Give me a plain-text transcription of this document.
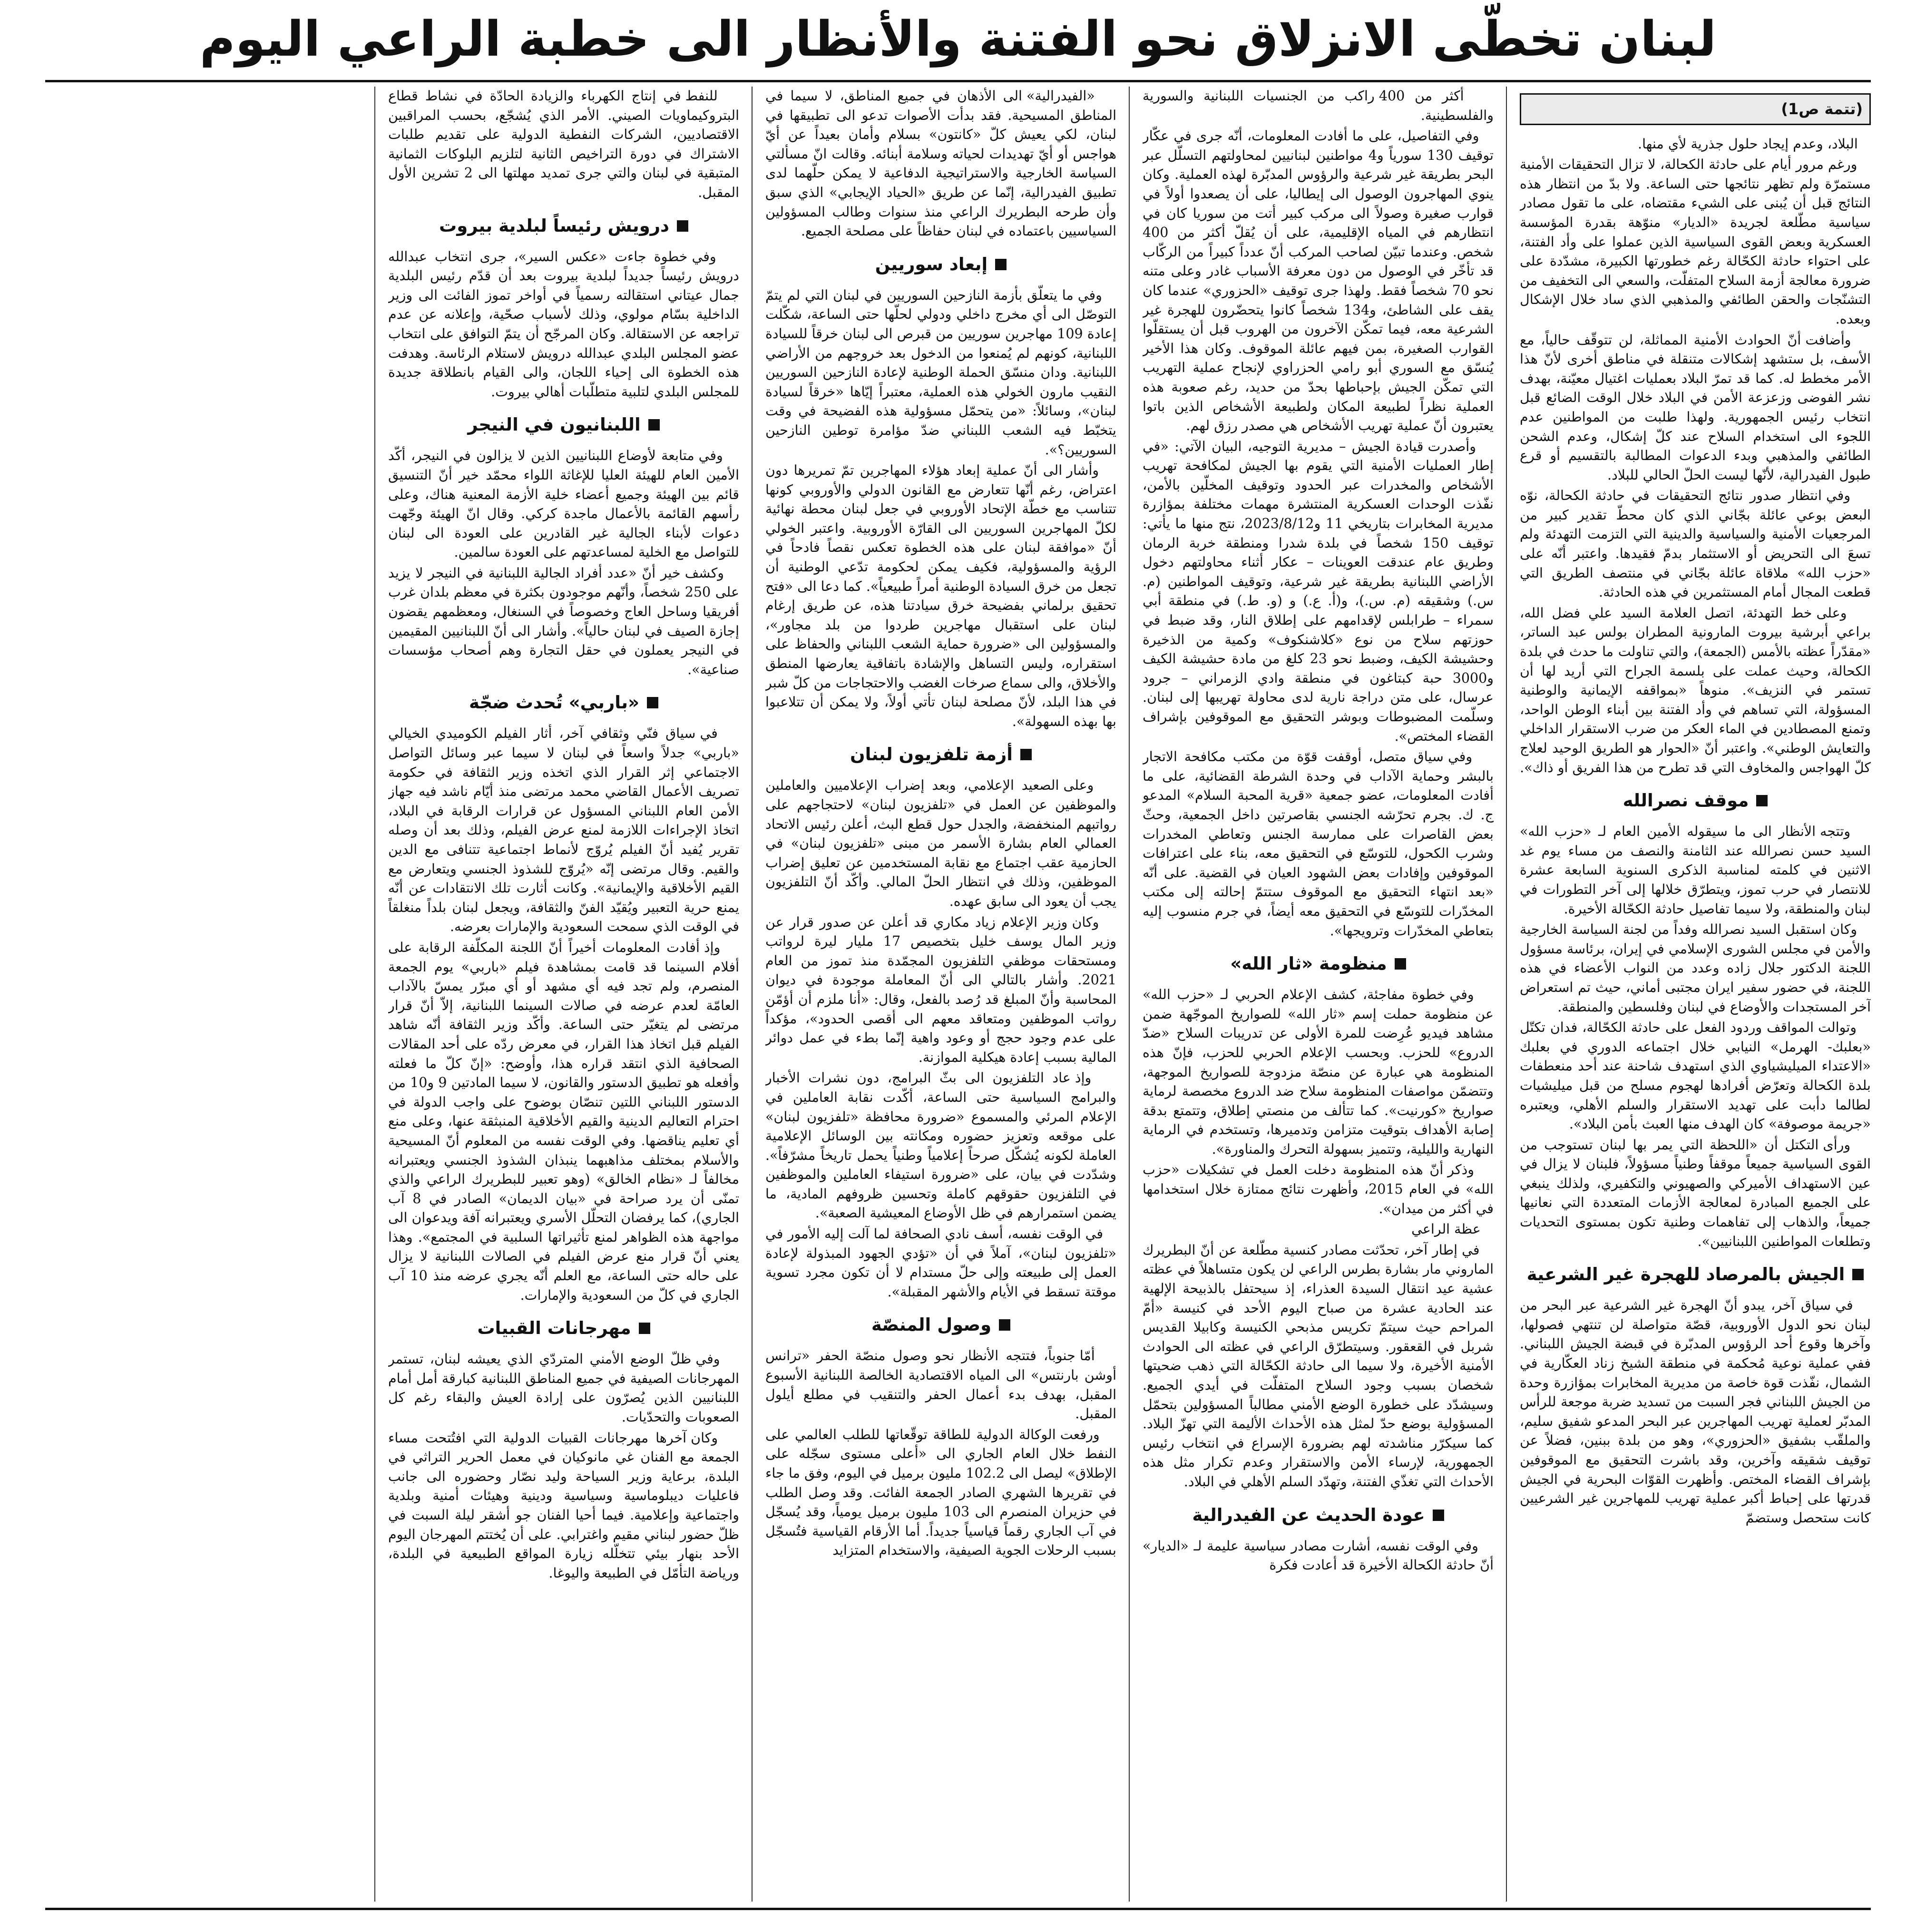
لبنان تخطّى الانزلاق نحو الفتنة والأنظار الى خطبة الراعي اليوم
(تتمة ص1)

البلاد، وعدم إيجاد حلول جذرية لأي منها.

ورغم مرور أيام على حادثة الكحالة، لا تزال التحقيقات الأمنية مستمرّة ولم تظهر نتائجها حتى الساعة. ولا بدّ من انتظار هذه النتائج قبل أن يُبنى على الشيء مقتضاه، على ما تقول مصادر سياسية مطّلعة لجريدة «الديار» منوّهة بقدرة المؤسسة العسكرية وبعض القوى السياسية الذين عملوا على وأد الفتنة، على احتواء حادثة الكحّالة رغم خطورتها الكبيرة، مشدّدة على ضرورة معالجة أزمة السلاح المتفلّت، والسعي الى التخفيف من التشنّجات والحقن الطائفي والمذهبي الذي ساد خلال الإشكال وبعده.

وأضافت أنّ الحوادث الأمنية المماثلة، لن تتوقّف حالياً، مع الأسف، بل ستشهد إشكالات متنقلة في مناطق أخرى لأنّ هذا الأمر مخطط له. كما قد تمرّ البلاد بعمليات اغتيال معيّنة، بهدف نشر الفوضى وزعزعة الأمن في البلاد خلال الوقت الضائع قبل انتخاب رئيس الجمهورية. ولهذا طلبت من المواطنين عدم اللجوء الى استخدام السلاح عند كلّ إشكال، وعدم الشحن الطائفي والمذهبي وبدء الدعوات المطالبة بالتقسيم أو قرع طبول الفيدرالية، لأنّها ليست الحلّ الحالي للبلاد.

وفي انتظار صدور نتائج التحقيقات في حادثة الكحالة، نوّه البعض بوعي عائلة بجّاني الذي كان محطّ تقدير كبير من المرجعيات الأمنية والسياسية والدينية التي التزمت التهدئة ولم تسعَ الى التحريض أو الاستثمار بدمّ فقيدها. واعتبر أنّه على «حزب الله» ملاقاة عائلة بجّاني في منتصف الطريق التي قطعت المجال أمام المستثمرين في هذه الحادثة.

وعلى خط التهدئة، اتصل العلامة السيد علي فضل الله، براعي أبرشية بيروت المارونية المطران بولس عبد الساتر، «مقدّراً عظته بالأمس (الجمعة)، والتي تناولت ما حدث في بلدة الكحالة، وحيث عملت على بلسمة الجراح التي أريد لها أن تستمر في النزيف». منوهاً «بمواقفه الإيمانية والوطنية المسؤولة، التي تساهم في وأد الفتنة بين أبناء الوطن الواحد، وتمنع المصطادين في الماء العكر من ضرب الاستقرار الداخلي والتعايش الوطني». واعتبر أنّ «الحوار هو الطريق الوحيد لعلاج كلّ الهواجس والمخاوف التي قد تطرح من هذا الفريق أو ذاك».

موقف نصرالله

وتتجه الأنظار الى ما سيقوله الأمين العام لـ «حزب الله» السيد حسن نصرالله عند الثامنة والنصف من مساء يوم غد الاثنين في كلمته لمناسبة الذكرى السنوية السابعة عشرة للانتصار في حرب تموز، ويتطرّق خلالها إلى آخر التطورات في لبنان والمنطقة، ولا سيما تفاصيل حادثة الكحّالة الأخيرة.

وكان استقبل السيد نصرالله وفداً من لجنة السياسة الخارجية والأمن في مجلس الشورى الإسلامي في إيران، برئاسة مسؤول اللجنة الدكتور جلال زاده وعدد من النواب الأعضاء في هذه اللجنة، في حضور سفير ايران مجتبى أماني، حيث تم استعراض آخر المستجدات والأوضاع في لبنان وفلسطين والمنطقة.

وتوالت المواقف وردود الفعل على حادثة الكحّالة، فدان تكتّل «بعلبك- الهرمل» النيابي خلال اجتماعه الدوري في بعلبك «الاعتداء الميليشياوي الذي استهدف شاحنة عند أحد منعطفات بلدة الكحالة وتعرّض أفرادها لهجوم مسلح من قبل ميليشيات لطالما دأبت على تهديد الاستقرار والسلم الأهلي، ويعتبره «جريمة موصوفة» كان الهدف منها العبث بأمن البلاد».

ورأى التكتل أن «اللحظة التي يمر بها لبنان تستوجب من القوى السياسية جميعاً موقفاً وطنياً مسؤولاً، فلبنان لا يزال في عين الاستهداف الأميركي والصهيوني والتكفيري، ولذلك ينبغي على الجميع المبادرة لمعالجة الأزمات المتعددة التي نعانيها جميعاً، والذهاب إلى تفاهمات وطنية تكون بمستوى التحديات وتطلعات المواطنين اللبنانيين».

الجيش بالمرصاد للهجرة غير الشرعية

في سياق آخر، يبدو أنّ الهجرة غير الشرعية عبر البحر من لبنان نحو الدول الأوروبية، قصّة متواصلة لن تنتهي فصولها، وآخرها وقوع أحد الرؤوس المدبّرة في قبضة الجيش اللبناني. ففي عملية نوعية مُحكمة في منطقة الشيخ زناد العكّارية في الشمال، نفّذت قوة خاصة من مديرية المخابرات بمؤازرة وحدة من الجيش اللبناني فجر السبت من تسديد ضربة موجعة للرأس المدبّر لعملية تهريب المهاجرين عبر البحر المدعو شفيق سليم، والملقّب بشفيق «الحزوري»، وهو من بلدة ببنين، فضلاً عن توقيف شقيقه وآخرين، وقد باشرت التحقيق مع الموقوفين بإشراف القضاء المختص. وأظهرت القوّات البحرية في الجيش قدرتها على إحباط أكبر عملية تهريب للمهاجرين غير الشرعيين كانت ستحصل وستضمّ

أكثر من 400 راكب من الجنسيات اللبنانية والسورية والفلسطينية.

وفي التفاصيل، على ما أفادت المعلومات، أنّه جرى في عكّار توقيف 130 سورياً و4 مواطنين لبنانيين لمحاولتهم التسلّل عبر البحر بطريقة غير شرعية والرؤوس المدبّرة لهذه العملية. وكان ينوي المهاجرون الوصول الى إيطاليا، على أن يصعدوا أولاً في قوارب صغيرة وصولاً الى مركب كبير أتت من سوريا كان في انتظارهم في المياه الإقليمية، على أن يُقلّ أكثر من 400 شخص. وعندما تبيّن لصاحب المركب أنّ عدداً كبيراً من الركّاب قد تأخّر في الوصول من دون معرفة الأسباب غادر وعلى متنه نحو 70 شخصاً فقط. ولهذا جرى توقيف «الحزوري» عندما كان يقف على الشاطئ، و134 شخصاً كانوا يتحضّرون للهجرة غير الشرعية معه، فيما تمكّن الآخرون من الهروب قبل أن يستقلّوا القوارب الصغيرة، بمن فيهم عائلة الموقوف. وكان هذا الأخير يُنسّق مع السوري أبو رامي الحزراوي لإنجاح عملية التهريب التي تمكّن الجيش بإحباطها بحدّ من حديد، رغم صعوبة هذه العملية نظراً لطبيعة المكان ولطبيعة الأشخاص الذين باتوا يعتبرون أنّ عملية تهريب الأشخاص هي مصدر رزق لهم.

وأصدرت قيادة الجيش – مديرية التوجيه، البيان الآتي: «في إطار العمليات الأمنية التي يقوم بها الجيش لمكافحة تهريب الأشخاص والمخدرات عبر الحدود وتوقيف المخلّين بالأمن، نفّذت الوحدات العسكرية المنتشرة مهمات مختلفة بمؤازرة مديرية المخابرات بتاريخي 11 و2023/8/12، نتج منها ما يأتي: توقيف 150 شخصاً في بلدة شدرا ومنطقة خربة الرمان وطريق عام عندقت العوينات – عكار أثناء محاولتهم دخول الأراضي اللبنانية بطريقة غير شرعية، وتوقيف المواطنين (م. س.) وشقيقه (م. س.)، و(أ. ع.) و (و. ط.) في منطقة أبي سمراء – طرابلس لإقدامهم على إطلاق النار، وقد ضبط في حوزتهم سلاح من نوع «كلاشنكوف» وكمية من الذخيرة وحشيشة الكيف، وضبط نحو 23 كلغ من مادة حشيشة الكيف و3000 حبة كبتاغون في منطقة وادي الزمراني – جرود عرسال، على متن دراجة نارية لدى محاولة تهريبها إلى لبنان. وسلّمت المضبوطات وبوشر التحقيق مع الموقوفين بإشراف القضاء المختص».

وفي سياق متصل، أوقفت قوّة من مكتب مكافحة الاتجار بالبشر وحماية الآداب في وحدة الشرطة القضائية، على ما أفادت المعلومات، عضو جمعية «قرية المحبة السلام» المدعو ج. ك. بجرم تحرّشه الجنسي بقاصرتين داخل الجمعية، وحثّ بعض القاصرات على ممارسة الجنس وتعاطي المخدرات وشرب الكحول، للتوسّع في التحقيق معه، بناء على اعترافات الموقوفين وإفادات بعض الشهود العيان في القضية. على أنّه «بعد انتهاء التحقيق مع الموقوف ستتمّ إحالته إلى مكتب المخدّرات للتوسّع في التحقيق معه أيضاً، في جرم منسوب إليه بتعاطي المخدّرات وترويجها».

منظومة «ثار الله»

وفي خطوة مفاجئة، كشف الإعلام الحربي لـ «حزب الله» عن منظومة حملت إسم «ثار الله» للصواريخ الموجّهة ضمن مشاهد فيديو عُرِضت للمرة الأولى عن تدريبات السلاح «ضدّ الدروع» للحزب. وبحسب الإعلام الحربي للحزب، فإنّ هذه المنظومة هي عبارة عن منصّة مزدوجة للصواريخ الموجهة، وتتضمّن مواصفات المنظومة سلاح ضد الدروع مخصصة لرماية صواريخ «كورنيت». كما تتألف من منصتي إطلاق، وتتمتع بدقة إصابة الأهداف بتوقيت متزامن وتدميرها، وتستخدم في الرماية النهارية والليلية، وتتميز بسهولة التحرك والمناورة».

وذكر أنّ هذه المنظومة دخلت العمل في تشكيلات «حزب الله» في العام 2015، وأظهرت نتائج ممتازة خلال استخدامها في أكثر من ميدان».

عظة الراعي

في إطار آخر، تحدّثت مصادر كنسية مطّلعة عن أنّ البطريرك الماروني مار بشارة بطرس الراعي لن يكون متساهلاً في عظته عشية عيد انتقال السيدة العذراء، إذ سيحتفل بالذبيحة الإلهية عند الحادية عشرة من صباح اليوم الأحد في كنيسة «أمّ المراحم حيث سيتمّ تكريس مذبحي الكنيسة وكابيلا القديس شربل في القعقور. وسيتطرّق الراعي في عظته الى الحوادث الأمنية الأخيرة، ولا سيما الى حادثة الكحّالة التي ذهب ضحيتها شخصان بسبب وجود السلاح المتفلّت في أيدي الجميع. وسيشدّد على خطورة الوضع الأمني مطالباً المسؤولين بتحمّل المسؤولية بوضع حدّ لمثل هذه الأحداث الأليمة التي تهزّ البلاد. كما سيكرّر مناشدته لهم بضرورة الإسراع في انتخاب رئيس الجمهورية، لإرساء الأمن والاستقرار وعدم تكرار مثل هذه الأحداث التي تغذّي الفتنة، وتهدّد السلم الأهلي في البلاد.

عودة الحديث عن الفيدرالية

وفي الوقت نفسه، أشارت مصادر سياسية عليمة لـ «الديار» أنّ حادثة الكحالة الأخيرة قد أعادت فكرة

«الفيدرالية» الى الأذهان في جميع المناطق، لا سيما في المناطق المسيحية. فقد بدأت الأصوات تدعو الى تطبيقها في لبنان، لكي يعيش كلّ «كانتون» بسلام وأمان بعيداً عن أيّ هواجس أو أيّ تهديدات لحياته وسلامة أبنائه. وقالت انّ مسألتي السياسة الخارجية والاستراتيجية الدفاعية لا يمكن حلّهما لدى تطبيق الفيدرالية، إنّما عن طريق «الحياد الإيجابي» الذي سبق وأن طرحه البطريرك الراعي منذ سنوات وطالب المسؤولين السياسيين باعتماده في لبنان حفاظاً على مصلحة الجميع.

إبعاد سوريين

وفي ما يتعلّق بأزمة النازحين السوريين في لبنان التي لم يتمّ التوصّل الى أي مخرج داخلي ودولي لحلّها حتى الساعة، شكّلت إعادة 109 مهاجرين سوريين من قبرص الى لبنان خرقاً للسيادة اللبنانية، كونهم لم يُمنعوا من الدخول بعد خروجهم من الأراضي اللبنانية. ودان منسّق الحملة الوطنية لإعادة النازحين السوريين النقيب مارون الخولي هذه العملية، معتبراً إيّاها «خرقاً لسيادة لبنان»، وسائلاً: «من يتحمّل مسؤولية هذه الفضيحة في وقت يتخبّط فيه الشعب اللبناني ضدّ مؤامرة توطين النازحين السوريين؟».

وأشار الى أنّ عملية إبعاد هؤلاء المهاجرين تمّ تمريرها دون اعتراض، رغم أنّها تتعارض مع القانون الدولي والأوروبي كونها تتناسب مع خطّة الإتحاد الأوروبي في جعل لبنان محطة نهائية لكلّ المهاجرين السوريين الى القارّة الأوروبية. واعتبر الخولي أنّ «موافقة لبنان على هذه الخطوة تعكس نقصاً فادحاً في الرؤية والمسؤولية، فكيف يمكن لحكومة تدّعي الوطنية أن تجعل من خرق السيادة الوطنية أمراً طبيعياً». كما دعا الى «فتح تحقيق برلماني بفضيحة خرق سيادتنا هذه، عن طريق إرغام لبنان على استقبال مهاجرين طردوا من بلد مجاور»، والمسؤولين الى «ضرورة حماية الشعب اللبناني والحفاظ على استقراره، وليس التساهل والإشادة باتفاقية يعارضها المنطق والأخلاق، والى سماع صرخات الغضب والاحتجاجات من كلّ شبر في هذا البلد، لأنّ مصلحة لبنان تأتي أولاً، ولا يمكن أن تتلاعبوا بها بهذه السهولة».

أزمة تلفزيون لبنان

وعلى الصعيد الإعلامي، وبعد إضراب الإعلاميين والعاملين والموظفين عن العمل في «تلفزيون لبنان» لاحتجاجهم على رواتبهم المنخفضة، والجدل حول قطع البث، أعلن رئيس الاتحاد العمالي العام بشارة الأسمر من مبنى «تلفزيون لبنان» في الحازمية عقب اجتماع مع نقابة المستخدمين عن تعليق إضراب الموظفين، وذلك في انتظار الحلّ المالي. وأكّد أنّ التلفزيون يجب أن يعود الى سابق عهده.

وكان وزير الإعلام زياد مكاري قد أعلن عن صدور قرار عن وزير المال يوسف خليل بتخصيص 17 مليار ليرة لرواتب ومستحقات موظفي التلفزيون المجمّدة منذ تموز من العام 2021. وأشار بالتالي الى أنّ المعاملة موجودة في ديوان المحاسبة وأنّ المبلغ قد رُصد بالفعل، وقال: «أنا ملزم أن أؤمّن رواتب الموظفين ومتعاقد معهم الى أقصى الحدود»، مؤكداً على عدم وجود حجج أو وعود واهية إنّما بطء في عمل دوائر المالية بسبب إعادة هيكلية الموازنة.

وإذ عاد التلفزيون الى بثّ البرامج، دون نشرات الأخبار والبرامج السياسية حتى الساعة، أكّدت نقابة العاملين في الإعلام المرئي والمسموع «ضرورة محافظة «تلفزيون لبنان» على موقعه وتعزيز حضوره ومكانته بين الوسائل الإعلامية العاملة لكونه يُشكّل صرحاً إعلامياً وطنياً يحمل تاريخاً مشرّفاً». وشدّدت في بيان، على «ضرورة استيفاء العاملين والموظفين في التلفزيون حقوقهم كاملة وتحسين ظروفهم المادية، ما يضمن استمرارهم في ظل الأوضاع المعيشية الصعبة».

في الوقت نفسه، أسف نادي الصحافة لما آلت إليه الأمور في «تلفزيون لبنان»، آملاً في أن «تؤدي الجهود المبذولة لإعادة العمل إلى طبيعته وإلى حلّ مستدام لا أن تكون مجرد تسوية موقتة تسقط في الأيام والأشهر المقبلة».

وصول المنصّة

أمّا جنوباً، فتتجه الأنظار نحو وصول منصّة الحفر «ترانس أوشن بارنتس» الى المياه الاقتصادية الخالصة اللبنانية الأسبوع المقبل، بهدف بدء أعمال الحفر والتنقيب في مطلع أيلول المقبل.

ورفعت الوكالة الدولية للطاقة توقّعاتها للطلب العالمي على النفط خلال العام الجاري الى «أعلى مستوى سجّله على الإطلاق» ليصل الى 102.2 مليون برميل في اليوم، وفق ما جاء في تقريرها الشهري الصادر الجمعة الفائت. وقد وصل الطلب في حزيران المنصرم الى 103 مليون برميل يومياً، وقد يُسجّل في آب الجاري رقماً قياسياً جديداً. أما الأرقام القياسية فتُسجّل بسبب الرحلات الجوية الصيفية، والاستخدام المتزايد

للنفط في إنتاج الكهرباء والزيادة الحادّة في نشاط قطاع البتروكيماويات الصيني. الأمر الذي يُشجّع، بحسب المراقبين الاقتصاديين، الشركات النفطية الدولية على تقديم طلبات الاشتراك في دورة التراخيص الثانية لتلزيم البلوكات الثمانية المتبقية في لبنان والتي جرى تمديد مهلتها الى 2 تشرين الأول المقبل.

درويش رئيساً لبلدية بيروت

وفي خطوة جاءت «عكس السير»، جرى انتخاب عبدالله درويش رئيساً جديداً لبلدية بيروت بعد أن قدّم رئيس البلدية جمال عيتاني استقالته رسمياً في أواخر تموز الفائت الى وزير الداخلية بسّام مولوي، وذلك لأسباب صحّية، وإعلانه عن عدم تراجعه عن الاستقالة. وكان المرجّح أن يتمّ التوافق على انتخاب عضو المجلس البلدي عبدالله درويش لاستلام الرئاسة. وهدفت هذه الخطوة الى إحياء اللجان، والى القيام بانطلاقة جديدة للمجلس البلدي لتلبية متطلّبات أهالي بيروت.

اللبنانيون في النيجر

وفي متابعة لأوضاع اللبنانيين الذين لا يزالون في النيجر، أكّد الأمين العام للهيئة العليا للإغاثة اللواء محمّد خير أنّ التنسيق قائم بين الهيئة وجميع أعضاء خلية الأزمة المعنية هناك، وعلى رأسهم القائمة بالأعمال ماجدة كركي. وقال انّ الهيئة وجّهت دعوات لأبناء الجالية غير القادرين على العودة الى لبنان للتواصل مع الخلية لمساعدتهم على العودة سالمين.

وكشف خير أنّ «عدد أفراد الجالية اللبنانية في النيجر لا يزيد على 250 شخصاً، وأنّهم موجودون بكثرة في معظم بلدان غرب أفريقيا وساحل العاج وخصوصاً في السنغال، ومعظمهم يقضون إجازة الصيف في لبنان حالياً». وأشار الى أنّ اللبنانيين المقيمين في النيجر يعملون في حقل التجارة وهم أصحاب مؤسسات صناعية».

«باربي» تُحدث ضجّة

في سياق فنّي وثقافي آخر، أثار الفيلم الكوميدي الخيالي «باربي» جدلاً واسعاً في لبنان لا سيما عبر وسائل التواصل الاجتماعي إثر القرار الذي اتخذه وزير الثقافة في حكومة تصريف الأعمال القاضي محمد مرتضى منذ أيّام ناشد فيه جهاز الأمن العام اللبناني المسؤول عن قرارات الرقابة في البلاد، اتخاذ الإجراءات اللازمة لمنع عرض الفيلم، وذلك بعد أن وصله تقرير يُفيد أنّ الفيلم يُروّج لأنماط اجتماعية تتنافى مع الدين والقيم. وقال مرتضى إنّه «يُروّج للشذوذ الجنسي ويتعارض مع القيم الأخلاقية والإيمانية». وكانت أثارت تلك الانتقادات عن أنّه يمنع حرية التعبير ويُقيّد الفنّ والثقافة، ويجعل لبنان بلداً منغلقاً في الوقت الذي سمحت السعودية والإمارات بعرضه.

وإذ أفادت المعلومات أخيراً أنّ اللجنة المكلّفة الرقابة على أفلام السينما قد قامت بمشاهدة فيلم «باربي» يوم الجمعة المنصرم، ولم تجد فيه أي مشهد أو أي مبرّر يمسّ بالآداب العامّة لعدم عرضه في صالات السينما اللبنانية، إلاّ أنّ قرار مرتضى لم يتغيّر حتى الساعة. وأكّد وزير الثقافة أنّه شاهد الفيلم قبل اتخاذ هذا القرار، في معرض ردّه على أحد المقالات الصحافية الذي انتقد قراره هذا، وأوضح: «إنّ كلّ ما فعلته وأفعله هو تطبيق الدستور والقانون، لا سيما المادتين 9 و10 من الدستور اللبناني اللتين تنصّان بوضوح على واجب الدولة في احترام التعاليم الدينية والقيم الأخلاقية المنبثقة عنها، وعلى منع أي تعليم يناقضها. وفي الوقت نفسه من المعلوم أنّ المسيحية والأسلام بمختلف مذاهبهما ينبذان الشذوذ الجنسي ويعتبرانه مخالفاً لـ «نظام الخالق» (وهو تعبير للبطريرك الراعي والذي تمنّى أن يرد صراحة في «بيان الديمان» الصادر في 8 آب الجاري)، كما يرفضان التحلّل الأسري ويعتبرانه آفة ويدعوان الى مواجهة هذه الظواهر لمنع تأثيراتها السلبية في المجتمع». وهذا يعني أنّ قرار منع عرض الفيلم في الصالات اللبنانية لا يزال على حاله حتى الساعة، مع العلم أنّه يجري عرضه منذ 10 آب الجاري في كلّ من السعودية والإمارات.

مهرجانات القبيات

وفي ظلّ الوضع الأمني المتردّي الذي يعيشه لبنان، تستمر المهرجانات الصيفية في جميع المناطق اللبنانية كبارقة أمل أمام اللبنانيين الذين يُصرّون على إرادة العيش والبقاء رغم كل الصعوبات والتحدّيات.

وكان آخرها مهرجانات القبيات الدولية التي افتُتحت مساء الجمعة مع الفنان غي مانوكيان في معمل الحرير التراثي في البلدة، برعاية وزير السياحة وليد نصّار وحضوره الى جانب فاعليات ديبلوماسية وسياسية ودينية وهيئات أمنية وبلدية واجتماعية وإعلامية. فيما أحيا الفنان جو أشقر ليلة السبت في ظلّ حضور لبناني مقيم واغترابي. على أن يُختتم المهرجان اليوم الأحد بنهار بيئي تتخلّله زيارة المواقع الطبيعية في البلدة، ورياضة التأمّل في الطبيعة واليوغا.
